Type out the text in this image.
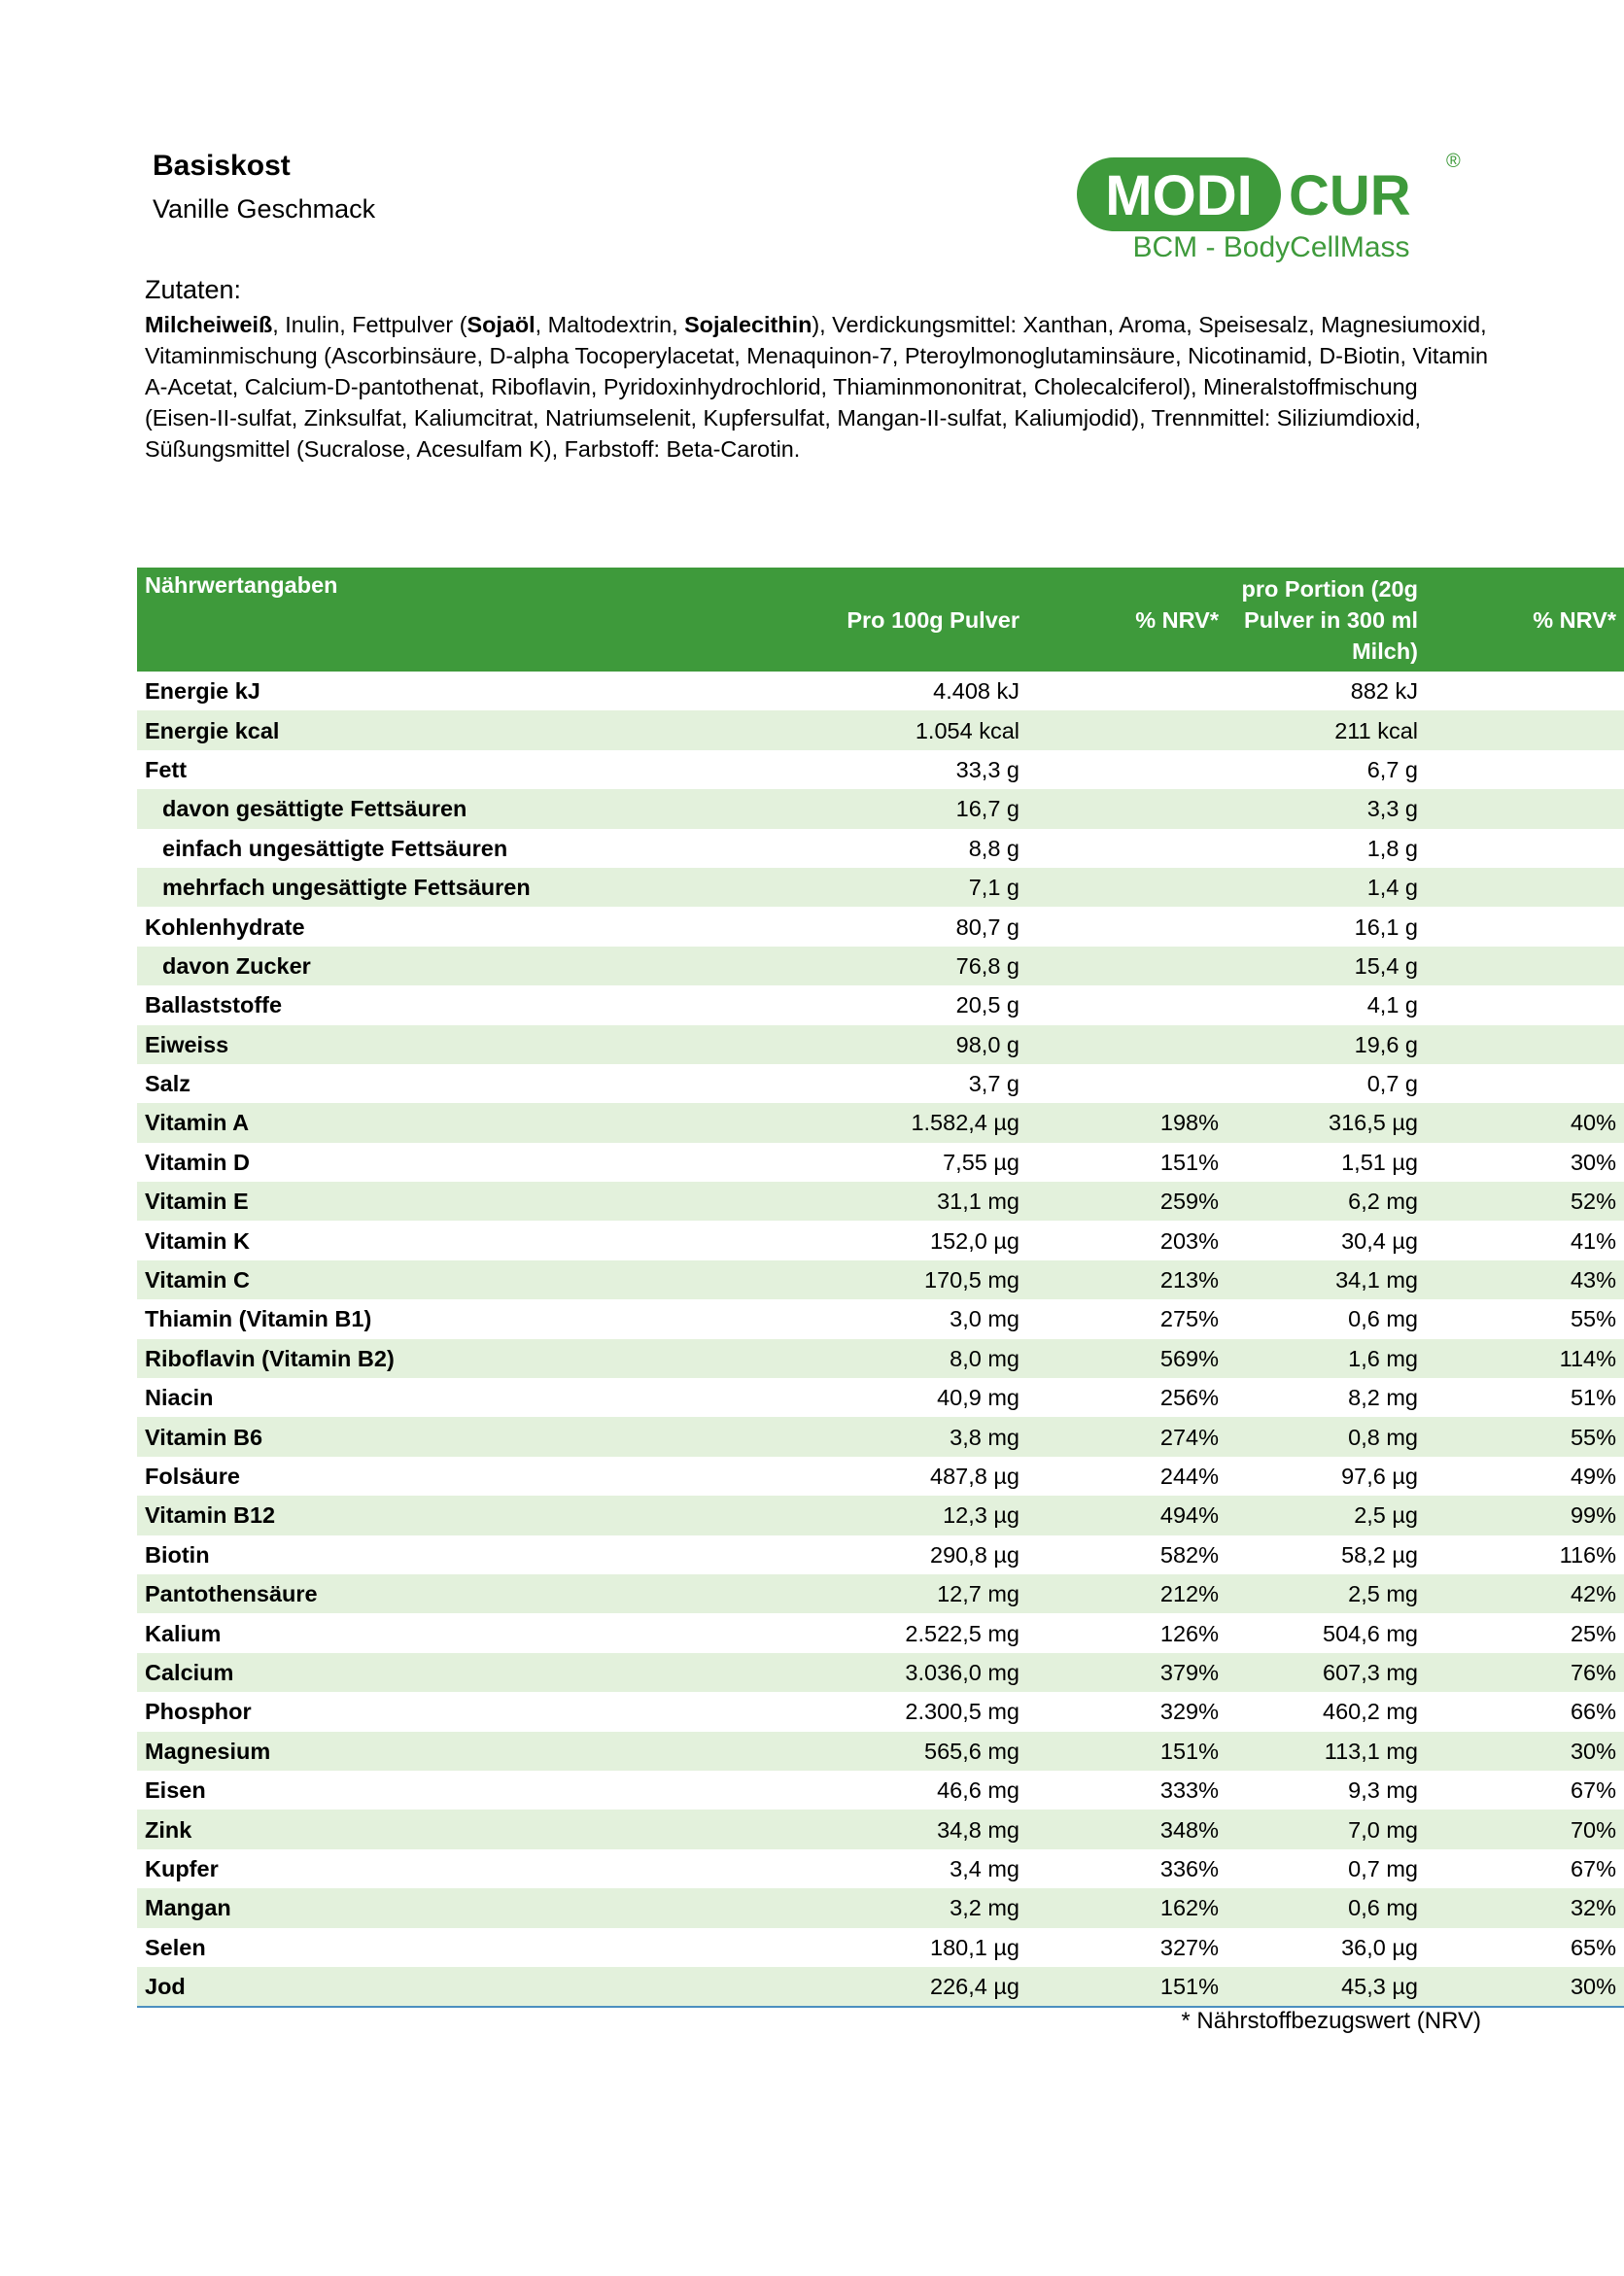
Basiskost
Vanille Geschmack	MODI CUR
®
BCM - BodyCellMass
Zutaten:
Milcheiweiß, Inulin, Fettpulver (Sojaöl, Maltodextrin, Sojalecithin), Verdickungsmittel: Xanthan, Aroma, Speisesalz, Magnesiumoxid, Vitaminmischung (Ascorbinsäure, D-alpha Tocoperylacetat, Menaquinon-7, Pteroylmonoglutaminsäure, Nicotinamid, D-Biotin, Vitamin A-Acetat, Calcium-D-pantothenat, Riboflavin, Pyridoxinhydrochlorid, Thiaminmononitrat, Cholecalciferol), Mineralstoffmischung (Eisen-II-sulfat, Zinksulfat, Kaliumcitrat, Natriumselenit, Kupfersulfat, Mangan-II-sulfat, Kaliumjodid), Trennmittel: Siliziumdioxid, Süßungsmittel (Sucralose, Acesulfam K), Farbstoff: Beta-Carotin.
Nährwertangaben	Pro 100g Pulver	% NRV*	pro Portion (20g Pulver in 300 ml Milch)	% NRV*
Energie kJ	4.408 kJ		882 kJ	
Energie kcal	1.054 kcal		211 kcal	
Fett	33,3 g		6,7 g	
davon gesättigte Fettsäuren	16,7 g		3,3 g	
einfach ungesättigte Fettsäuren	8,8 g		1,8 g	
mehrfach ungesättigte Fettsäuren	7,1 g		1,4 g	
Kohlenhydrate	80,7 g		16,1 g	
davon Zucker	76,8 g		15,4 g	
Ballaststoffe	20,5 g		4,1 g	
Eiweiss	98,0 g		19,6 g	
Salz	3,7 g		0,7 g	
Vitamin A	1.582,4 µg	198%	316,5 µg	40%
Vitamin D	7,55 µg	151%	1,51 µg	30%
Vitamin E	31,1 mg	259%	6,2 mg	52%
Vitamin K	152,0 µg	203%	30,4 µg	41%
Vitamin C	170,5 mg	213%	34,1 mg	43%
Thiamin (Vitamin B1)	3,0 mg	275%	0,6 mg	55%
Riboflavin (Vitamin B2)	8,0 mg	569%	1,6 mg	114%
Niacin	40,9 mg	256%	8,2 mg	51%
Vitamin B6	3,8 mg	274%	0,8 mg	55%
Folsäure	487,8 µg	244%	97,6 µg	49%
Vitamin B12	12,3 µg	494%	2,5 µg	99%
Biotin	290,8 µg	582%	58,2 µg	116%
Pantothensäure	12,7 mg	212%	2,5 mg	42%
Kalium	2.522,5 mg	126%	504,6 mg	25%
Calcium	3.036,0 mg	379%	607,3 mg	76%
Phosphor	2.300,5 mg	329%	460,2 mg	66%
Magnesium	565,6 mg	151%	113,1 mg	30%
Eisen	46,6 mg	333%	9,3 mg	67%
Zink	34,8 mg	348%	7,0 mg	70%
Kupfer	3,4 mg	336%	0,7 mg	67%
Mangan	3,2 mg	162%	0,6 mg	32%
Selen	180,1 µg	327%	36,0 µg	65%
Jod	226,4 µg	151%	45,3 µg	30%
* Nährstoffbezugswert (NRV)
